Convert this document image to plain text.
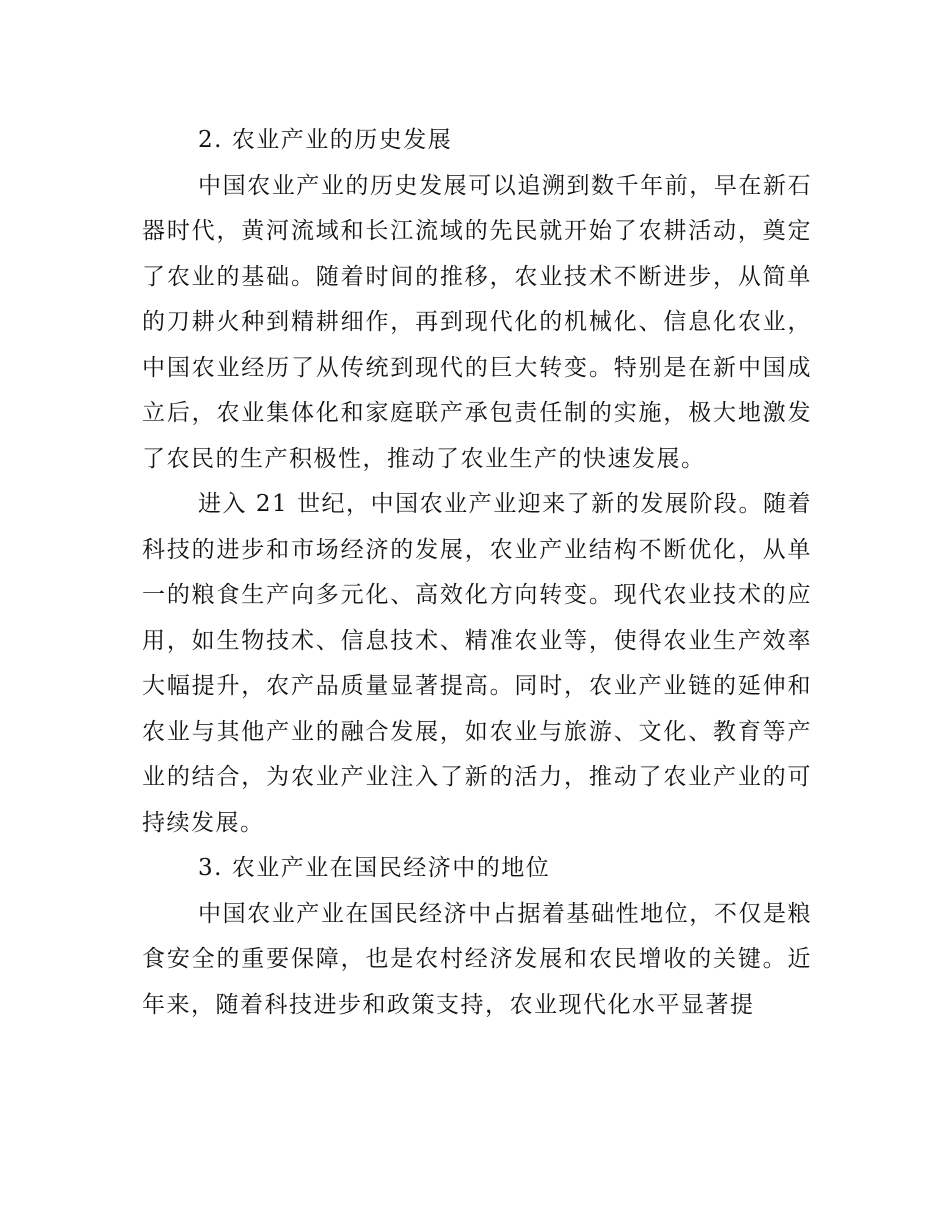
2. 农业产业的历史发展

中国农业产业的历史发展可以追溯到数千年前，早在新石器时代，黄河流域和长江流域的先民就开始了农耕活动，奠定了农业的基础。随着时间的推移，农业技术不断进步，从简单的刀耕火种到精耕细作，再到现代化的机械化、信息化农业，中国农业经历了从传统到现代的巨大转变。特别是在新中国成立后，农业集体化和家庭联产承包责任制的实施，极大地激发了农民的生产积极性，推动了农业生产的快速发展。

进入 21 世纪，中国农业产业迎来了新的发展阶段。随着科技的进步和市场经济的发展，农业产业结构不断优化，从单一的粮食生产向多元化、高效化方向转变。现代农业技术的应用，如生物技术、信息技术、精准农业等，使得农业生产效率大幅提升，农产品质量显著提高。同时，农业产业链的延伸和农业与其他产业的融合发展，如农业与旅游、文化、教育等产业的结合，为农业产业注入了新的活力，推动了农业产业的可持续发展。

3. 农业产业在国民经济中的地位

中国农业产业在国民经济中占据着基础性地位，不仅是粮食安全的重要保障，也是农村经济发展和农民增收的关键。近年来，随着科技进步和政策支持，农业现代化水平显著提
